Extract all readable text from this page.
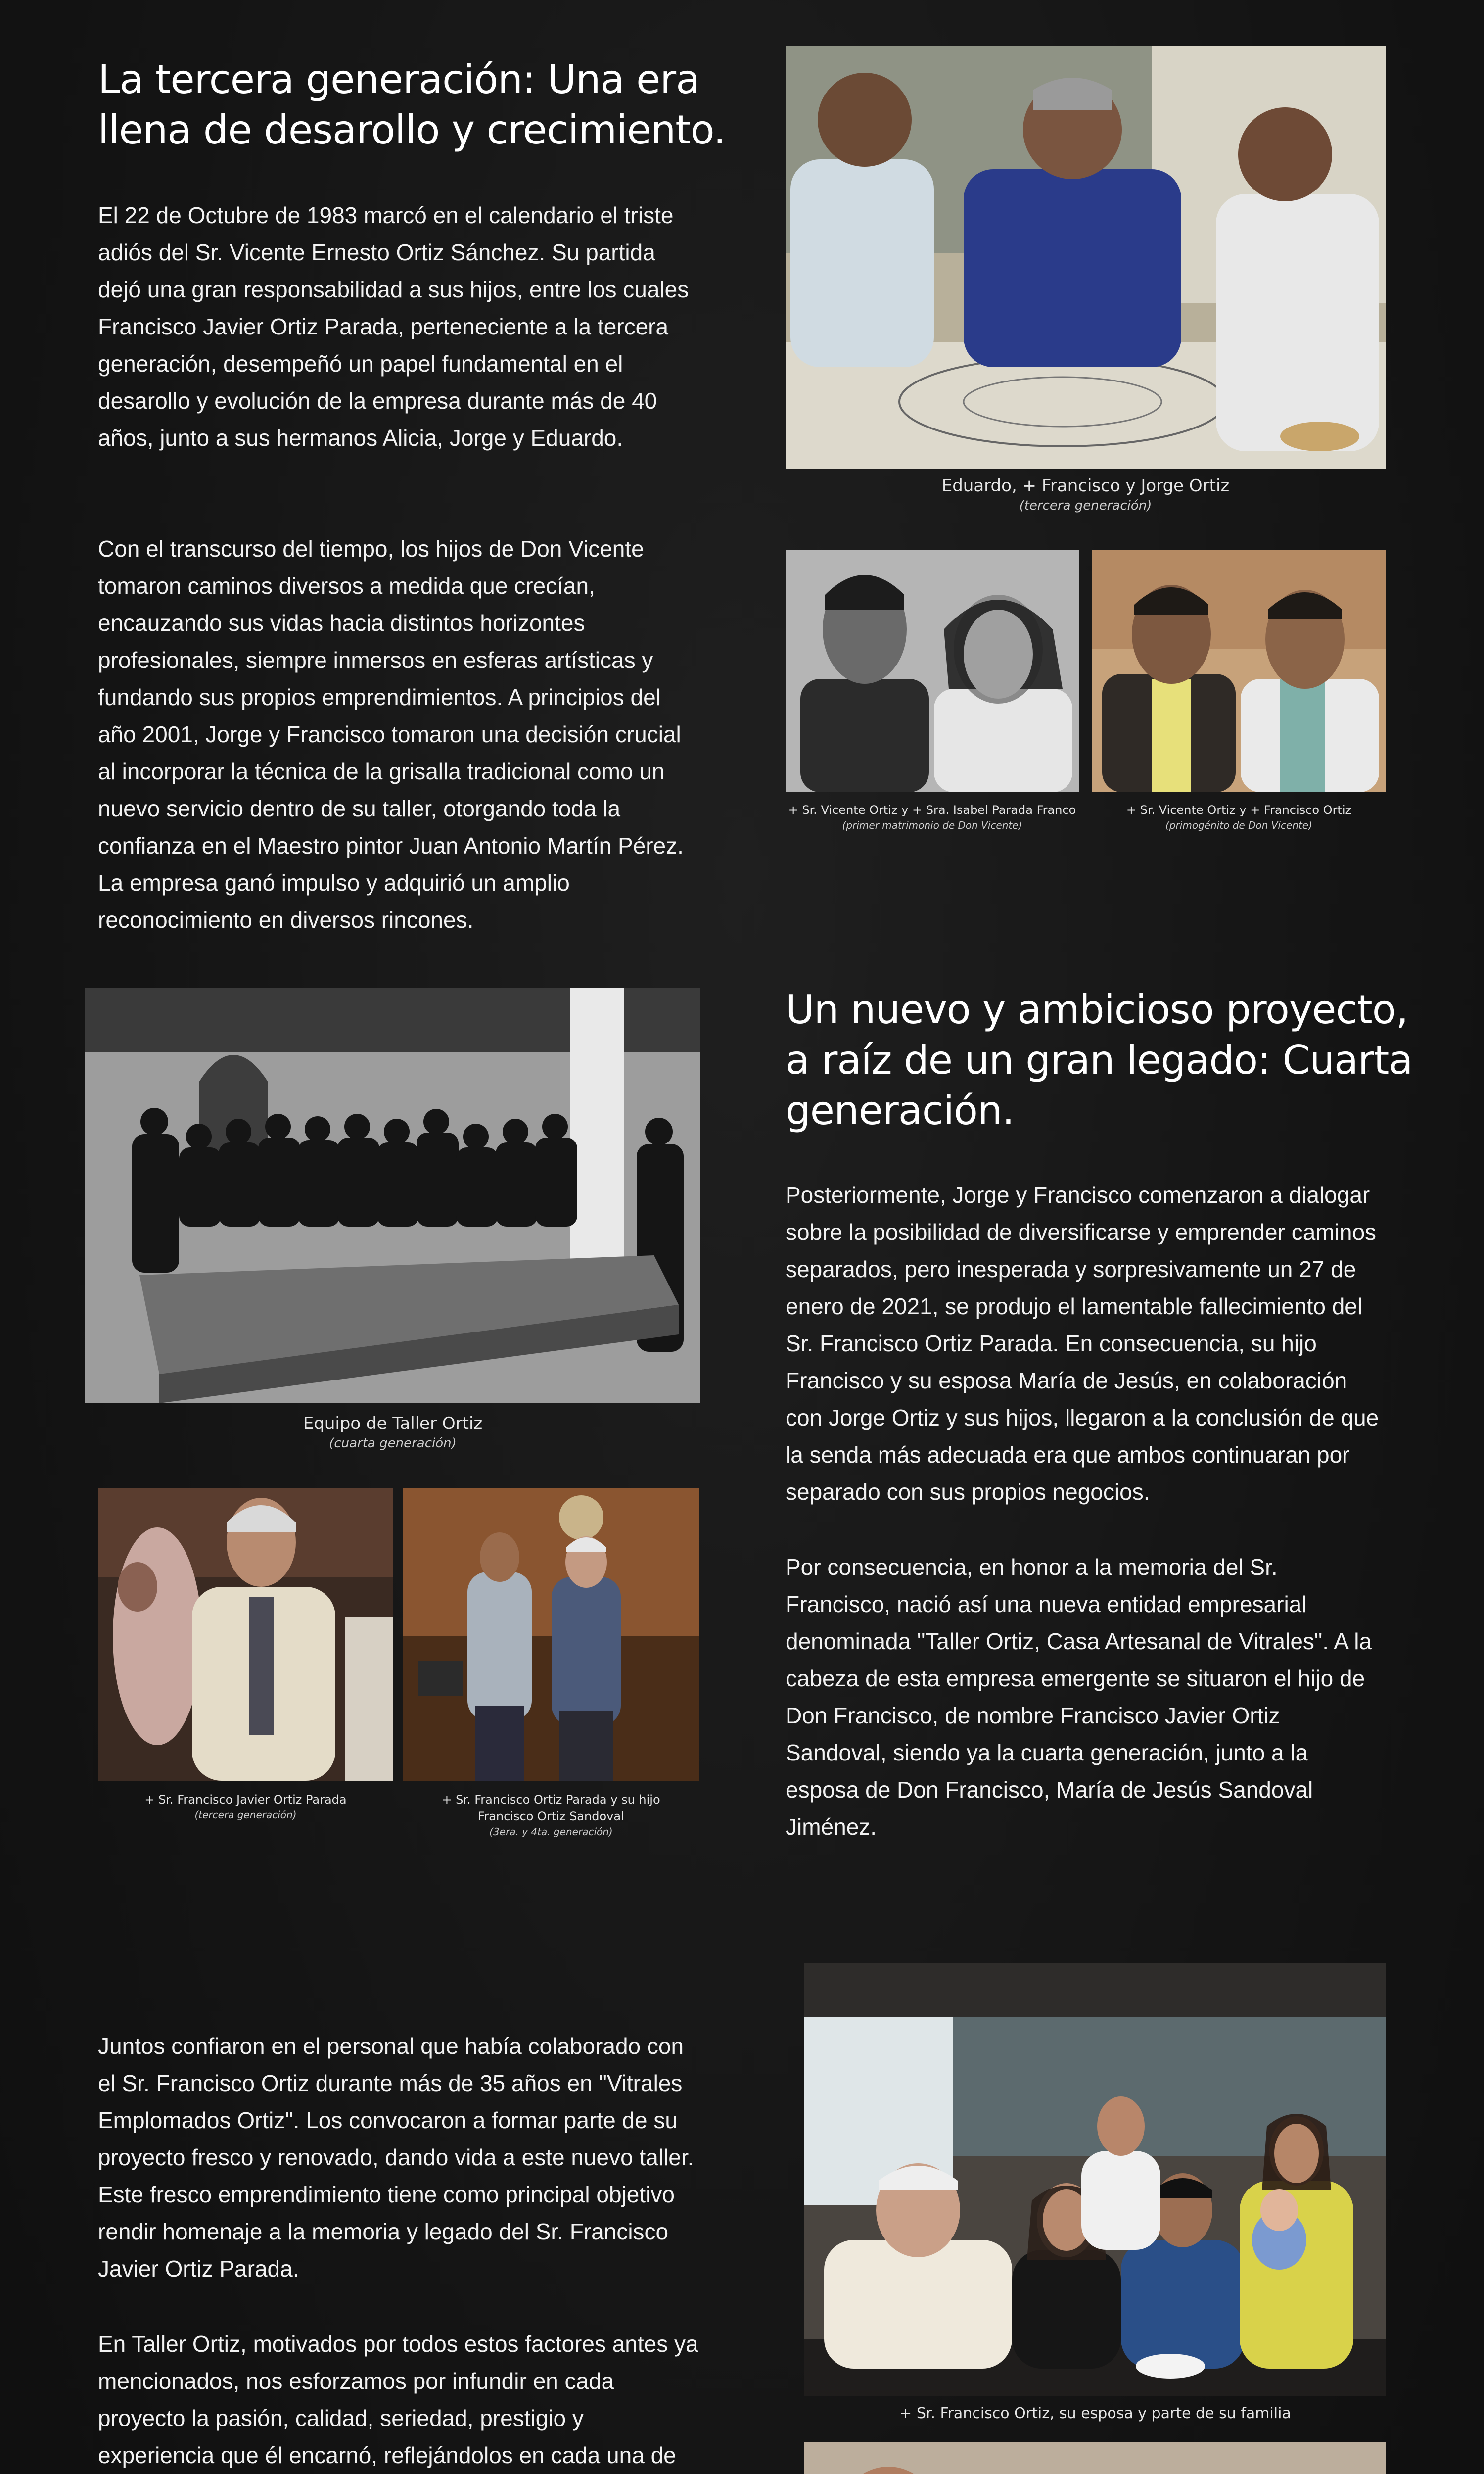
La tercera generación: Una era llena de desarollo y crecimiento.

El 22 de Octubre de 1983 marcó en el calendario el triste adiós del Sr. Vicente Ernesto Ortiz Sánchez. Su partida dejó una gran responsabilidad a sus hijos, entre los cuales Francisco Javier Ortiz Parada, perteneciente a la tercera generación, desempeñó un papel fundamental en el desarollo y evolución de la empresa durante más de 40 años, junto a sus hermanos Alicia, Jorge y Eduardo.

Con el transcurso del tiempo, los hijos de Don Vicente tomaron caminos diversos a medida que crecían, encauzando sus vidas hacia distintos horizontes profesionales, siempre inmersos en esferas artísticas y fundando sus propios emprendimientos. A principios del año 2001, Jorge y Francisco tomaron una decisión crucial al incorporar la técnica de la grisalla tradicional como un nuevo servicio dentro de su taller, otorgando toda la confianza en el Maestro pintor Juan Antonio Martín Pérez. La empresa ganó impulso y adquirió un amplio reconocimiento en diversos rincones.

Eduardo, + Francisco y Jorge Ortiz
(tercera generación)
+ Sr. Vicente Ortiz y + Sra. Isabel Parada Franco
(primer matrimonio de Don Vicente)
+ Sr. Vicente Ortiz y + Francisco Ortiz
(primogénito de Don Vicente)
Un nuevo y ambicioso proyecto, a raíz de un gran legado: Cuarta generación.

Posteriormente, Jorge y Francisco comenzaron a dialogar sobre la posibilidad de diversificarse y emprender caminos separados, pero inesperada y sorpresivamente un 27 de enero de 2021, se produjo el lamentable fallecimiento del Sr. Francisco Ortiz Parada. En consecuencia, su hijo Francisco y su esposa María de Jesús, en colaboración con Jorge Ortiz y sus hijos, llegaron a la conclusión de que la senda más adecuada era que ambos continuaran por separado con sus propios negocios.

Por consecuencia, en honor a la memoria del Sr. Francisco, nació así una nueva entidad empresarial denominada "Taller Ortiz, Casa Artesanal de Vitrales". A la cabeza de esta empresa emergente se situaron el hijo de Don Francisco, de nombre Francisco Javier Ortiz Sandoval, siendo ya la cuarta generación, junto a la esposa de Don Francisco, María de Jesús Sandoval Jiménez.

Equipo de Taller Ortiz
(cuarta generación)
+ Sr. Francisco Javier Ortiz Parada
(tercera generación)
+ Sr. Francisco Ortiz Parada y su hijo
Francisco Ortiz Sandoval
(3era. y 4ta. generación)

Juntos confiaron en el personal que había colaborado con el Sr. Francisco Ortiz durante más de 35 años en "Vitrales Emplomados Ortiz". Los convocaron a formar parte de su proyecto fresco y renovado, dando vida a este nuevo taller. Este fresco emprendimiento tiene como principal objetivo rendir homenaje a la memoria y legado del Sr. Francisco Javier Ortiz Parada.

En Taller Ortiz, motivados por todos estos factores antes ya mencionados, nos esforzamos por infundir en cada proyecto la pasión, calidad, seriedad, prestigio y experiencia que él encarnó, reflejándolos en cada una de

+ Sr. Francisco Ortiz, su esposa y parte de su familia
